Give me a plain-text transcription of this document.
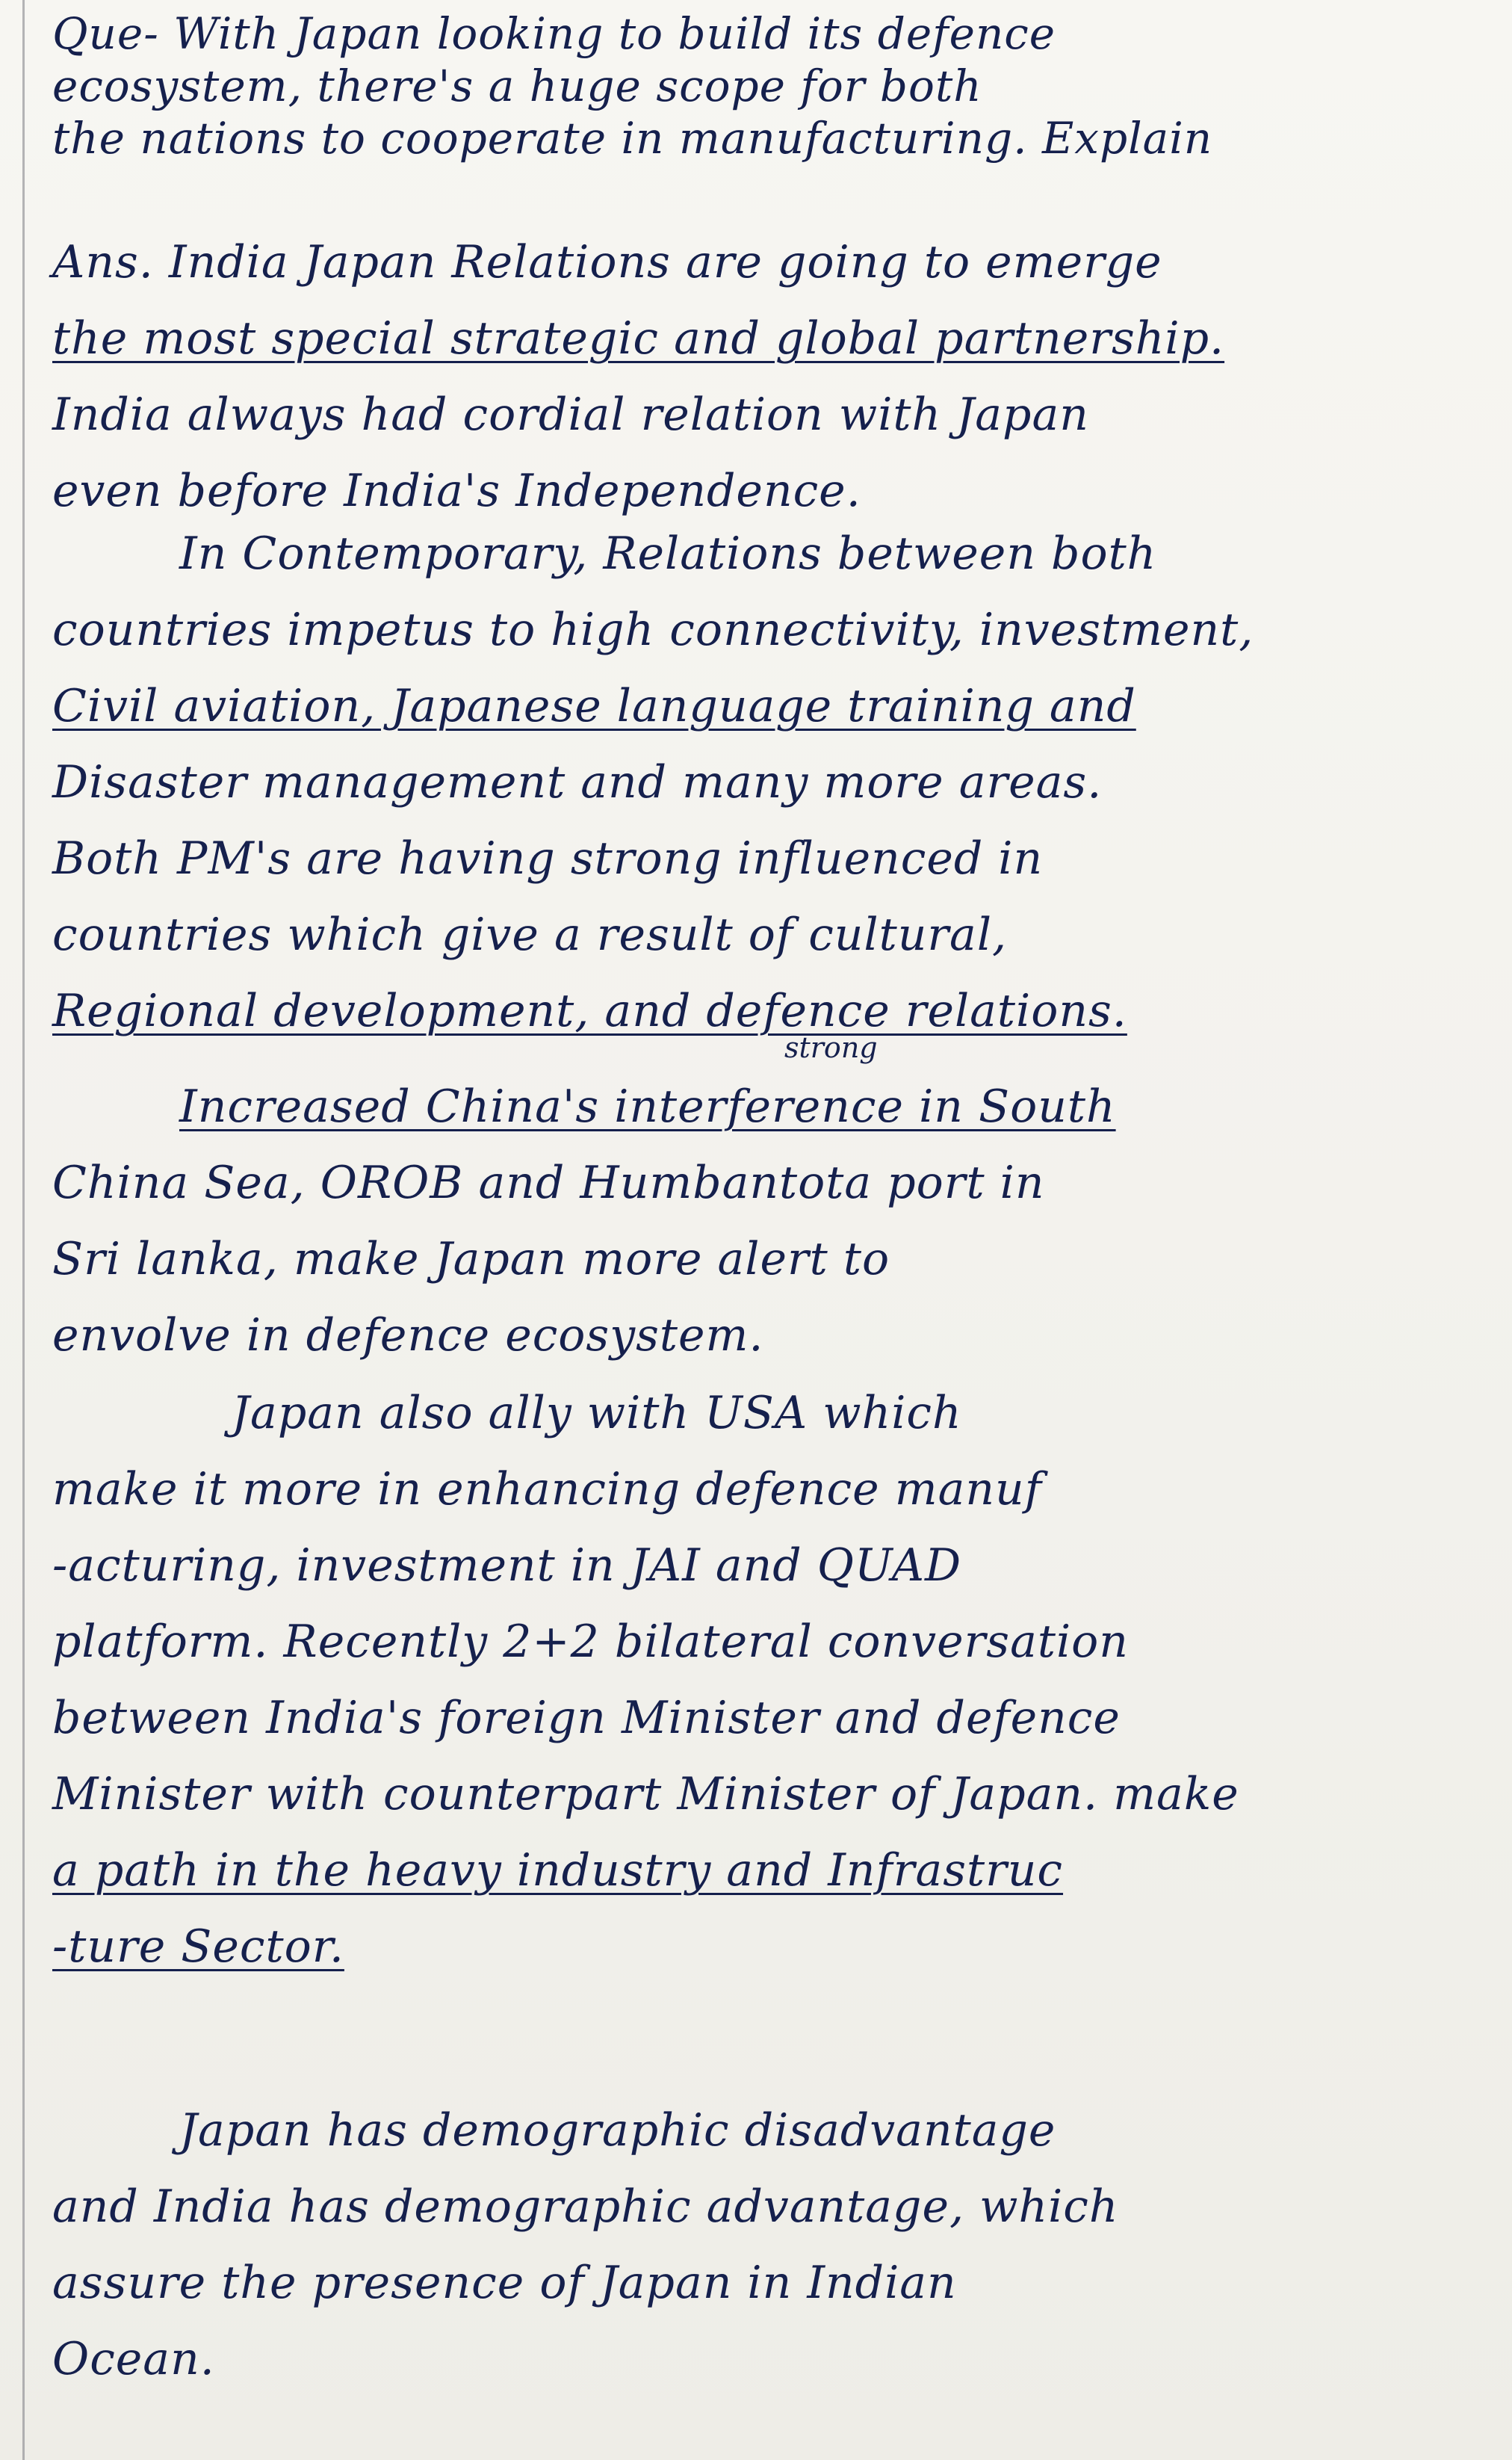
Que- With Japan looking to build its defence
ecosystem, there's a huge scope for both
the nations to cooperate in manufacturing. Explain
Ans. India Japan Relations are going to emerge
the most special strategic and global partnership.
India always had cordial relation with Japan
even before India's Independence.
In Contemporary, Relations between both
countries impetus to high connectivity, investment,
Civil aviation, Japanese language training and
Disaster management and many more areas.
Both PM's are having strong influenced in
countries which give a result of cultural,
Regional development, and defence relations.
strong
Increased China's interference in South
China Sea, OROB and Humbantota port in
Sri lanka, make Japan more alert to
envolve in defence ecosystem.
Japan also ally with USA which
make it more in enhancing defence manuf
-acturing, investment in JAI and QUAD
platform. Recently 2+2 bilateral conversation
between India's foreign Minister and defence
Minister with counterpart Minister of Japan. make
a path in the heavy industry and Infrastruc
-ture Sector.
Japan has demographic disadvantage
and India has demographic advantage, which
assure the presence of Japan in Indian
Ocean.
